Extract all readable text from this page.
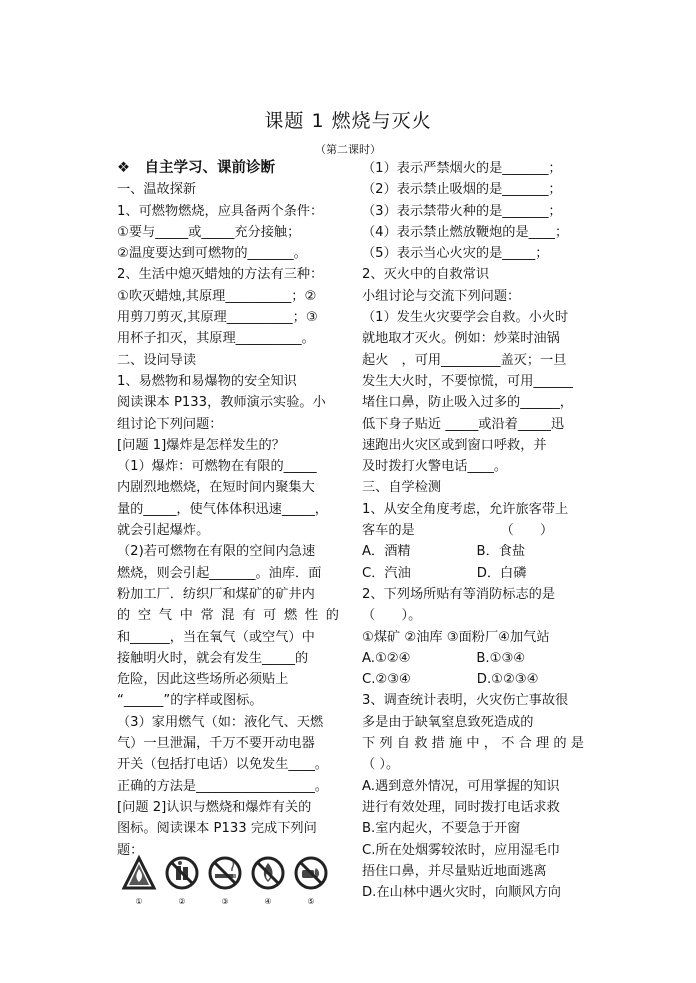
课题 1 燃烧与灭火
（第二课时）
❖　自主学习、课前诊断
一、温故探新
1、可燃物燃烧，应具备两个条件：
①要与_____或_____充分接触；
②温度要达到可燃物的_______。
2、生活中熄灭蜡烛的方法有三种：
①吹灭蜡烛,其原理__________；②
用剪刀剪灭,其原理__________；③
用杯子扣灭，其原理__________。
二、设问导读
1、易燃物和易爆物的安全知识
阅读课本 P133，教师演示实验。小
组讨论下列问题：
[问题 1]爆炸是怎样发生的？
（1）爆炸：可燃物在有限的_____
内剧烈地燃烧，在短时间内聚集大
量的_____，使气体体积迅速_____，
就会引起爆炸。
（2)若可燃物在有限的空间内急速
燃烧，则会引起_______。油库．面
粉加工厂．纺织厂和煤矿的矿井内
的 空 气 中 常 混 有 可 燃 性 的
和______，当在氧气（或空气）中
接触明火时，就会有发生_____的
危险，因此这些场所必须贴上
“______”的字样或图标。
（3）家用燃气（如：液化气、天燃
气）一旦泄漏，千万不要开动电器
开关（包括打电话）以免发生____。
正确的方法是__________________。
[问题 2]认识与燃烧和爆炸有关的
图标。阅读课本 P133 完成下列问
题：
（1）表示严禁烟火的是_______；
（2）表示禁止吸烟的是_______；
（3）表示禁带火种的是_______；
（4）表示禁止燃放鞭炮的是____；
（5）表示当心火灾的是_____；
2、灭火中的自救常识
小组讨论与交流下列问题：
（1）发生火灾要学会自救。小火时
就地取才灭火。例如：炒菜时油锅
起火　，可用_________盖灭；一旦
发生大火时，不要惊慌，可用______
堵住口鼻，防止吸入过多的______，
低下身子贴近 _____或沿着_____迅
速跑出火灾区或到窗口呼救，并
及时拨打火警电话____。
三、自学检测
1、从安全角度考虑，允许旅客带上
客车的是　　　　　　　（　　）
A．酒精　　　　　B．食盐
C．汽油　　　　　D．白磷
2、下列场所贴有等消防标志的是
（　　）。
①煤矿 ②油库 ③面粉厂④加气站
A.①②④　　　　　B.①③④
C.②③④　　　　　D.①②③④
3、调查统计表明，火灾伤亡事故很
多是由于缺氧窒息致死造成的
下 列 自 救 措 施 中 ， 不 合 理 的 是
（ ）。
A.遇到意外情况，可用掌握的知识
进行有效处理，同时拨打电话求救
B.室内起火，不要急于开窗
C.所在处烟雾较浓时，应用湿毛巾
捂住口鼻，并尽量贴近地面逃离
D.在山林中遇火灾时，向顺风方向
①	②	③	④	⑤
